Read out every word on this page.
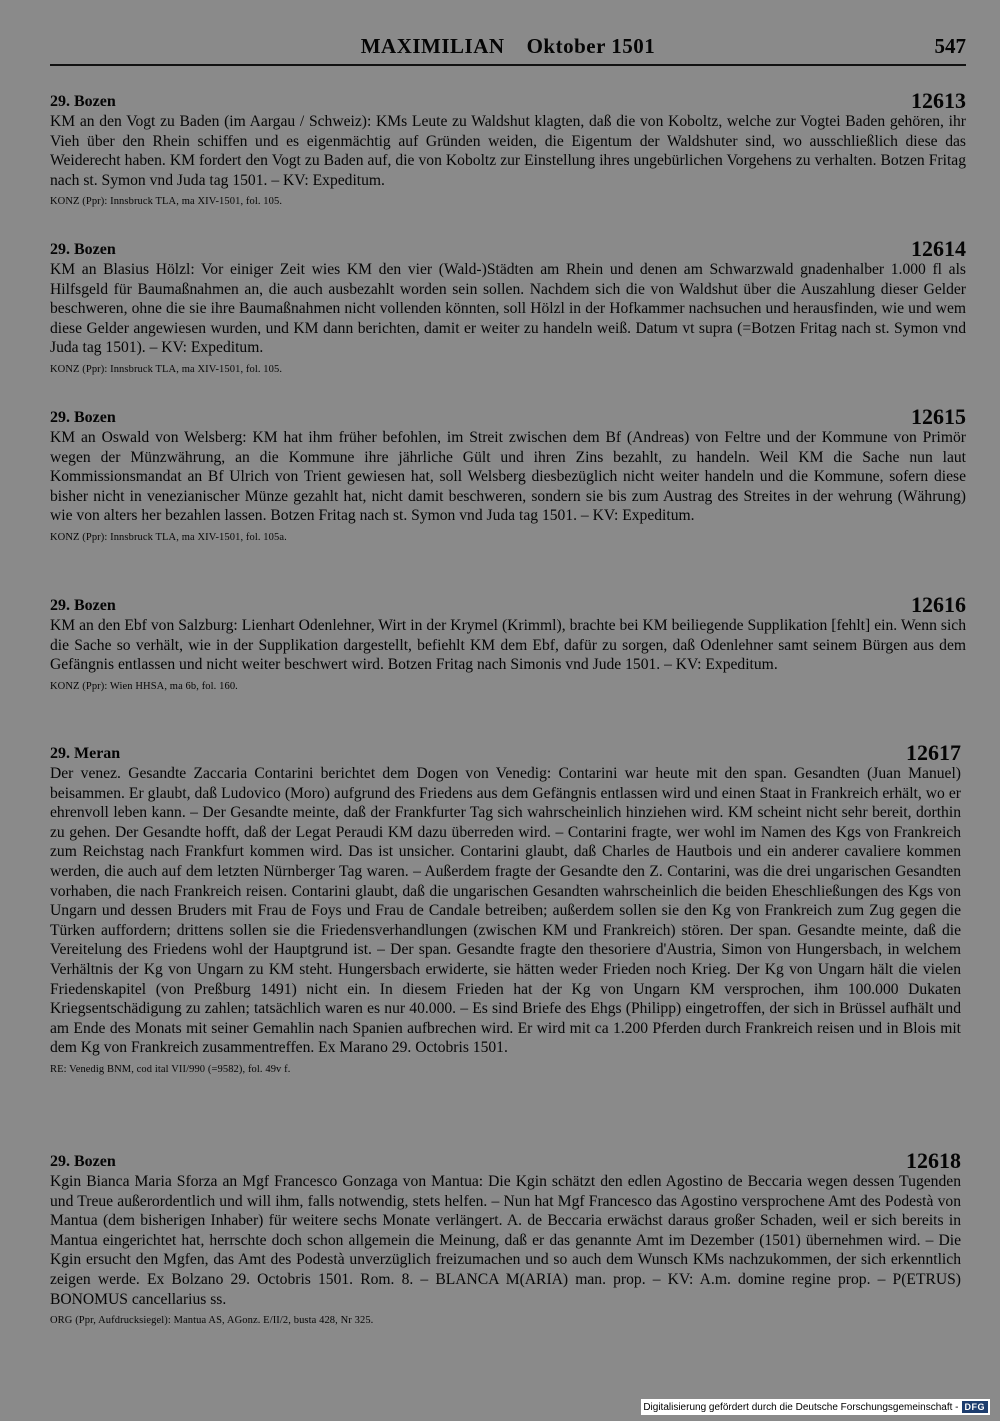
MAXIMILIAN Oktober 1501	547
29. Bozen	12613

KM an den Vogt zu Baden (im Aargau / Schweiz): KMs Leute zu Waldshut klagten, daß die von Koboltz, welche zur Vogtei Baden gehören, ihr Vieh über den Rhein schiffen und es eigenmächtig auf Gründen weiden, die Eigentum der Waldshuter sind, wo ausschließlich diese das Weiderecht haben. KM fordert den Vogt zu Baden auf, die von Koboltz zur Einstellung ihres ungebürlichen Vorgehens zu verhalten. Botzen Fritag nach st. Symon vnd Juda tag 1501. – KV: Expeditum.

KONZ (Ppr): Innsbruck TLA, ma XIV-1501, fol. 105.
29. Bozen	12614

KM an Blasius Hölzl: Vor einiger Zeit wies KM den vier (Wald-)Städten am Rhein und denen am Schwarzwald gnadenhalber 1.000 fl als Hilfsgeld für Baumaßnahmen an, die auch ausbezahlt worden sein sollen. Nachdem sich die von Waldshut über die Auszahlung dieser Gelder beschweren, ohne die sie ihre Baumaßnahmen nicht vollenden könnten, soll Hölzl in der Hofkammer nachsuchen und herausfinden, wie und wem diese Gelder angewiesen wurden, und KM dann berichten, damit er weiter zu handeln weiß. Datum vt supra (=Botzen Fritag nach st. Symon vnd Juda tag 1501). – KV: Expeditum.

KONZ (Ppr): Innsbruck TLA, ma XIV-1501, fol. 105.
29. Bozen	12615

KM an Oswald von Welsberg: KM hat ihm früher befohlen, im Streit zwischen dem Bf (Andreas) von Feltre und der Kommune von Primör wegen der Münzwährung, an die Kommune ihre jährliche Gült und ihren Zins bezahlt, zu handeln. Weil KM die Sache nun laut Kommissionsmandat an Bf Ulrich von Trient gewiesen hat, soll Welsberg diesbezüglich nicht weiter handeln und die Kommune, sofern diese bisher nicht in venezianischer Münze gezahlt hat, nicht damit beschweren, sondern sie bis zum Austrag des Streites in der wehrung (Währung) wie von alters her bezahlen lassen. Botzen Fritag nach st. Symon vnd Juda tag 1501. – KV: Expeditum.

KONZ (Ppr): Innsbruck TLA, ma XIV-1501, fol. 105a.
29. Bozen	12616

KM an den Ebf von Salzburg: Lienhart Odenlehner, Wirt in der Krymel (Krimml), brachte bei KM beiliegende Supplikation [fehlt] ein. Wenn sich die Sache so verhält, wie in der Supplikation dargestellt, befiehlt KM dem Ebf, dafür zu sorgen, daß Odenlehner samt seinem Bürgen aus dem Gefängnis entlassen und nicht weiter beschwert wird. Botzen Fritag nach Simonis vnd Jude 1501. – KV: Expeditum.

KONZ (Ppr): Wien HHSA, ma 6b, fol. 160.
29. Meran	12617

Der venez. Gesandte Zaccaria Contarini berichtet dem Dogen von Venedig: Contarini war heute mit den span. Gesandten (Juan Manuel) beisammen. Er glaubt, daß Ludovico (Moro) aufgrund des Friedens aus dem Gefängnis entlassen wird und einen Staat in Frankreich erhält, wo er ehrenvoll leben kann. – Der Gesandte meinte, daß der Frankfurter Tag sich wahrscheinlich hinziehen wird. KM scheint nicht sehr bereit, dorthin zu gehen. Der Gesandte hofft, daß der Legat Peraudi KM dazu überreden wird. – Contarini fragte, wer wohl im Namen des Kgs von Frankreich zum Reichstag nach Frankfurt kommen wird. Das ist unsicher. Contarini glaubt, daß Charles de Hautbois und ein anderer cavaliere kommen werden, die auch auf dem letzten Nürnberger Tag waren. – Außerdem fragte der Gesandte den Z. Contarini, was die drei ungarischen Gesandten vorhaben, die nach Frankreich reisen. Contarini glaubt, daß die ungarischen Gesandten wahrscheinlich die beiden Eheschließungen des Kgs von Ungarn und dessen Bruders mit Frau de Foys und Frau de Candale betreiben; außerdem sollen sie den Kg von Frankreich zum Zug gegen die Türken auffordern; drittens sollen sie die Friedensverhandlungen (zwischen KM und Frankreich) stören. Der span. Gesandte meinte, daß die Vereitelung des Friedens wohl der Hauptgrund ist. – Der span. Gesandte fragte den thesoriere d'Austria, Simon von Hungersbach, in welchem Verhältnis der Kg von Ungarn zu KM steht. Hungersbach erwiderte, sie hätten weder Frieden noch Krieg. Der Kg von Ungarn hält die vielen Friedenskapitel (von Preßburg 1491) nicht ein. In diesem Frieden hat der Kg von Ungarn KM versprochen, ihm 100.000 Dukaten Kriegsentschädigung zu zahlen; tatsächlich waren es nur 40.000. – Es sind Briefe des Ehgs (Philipp) eingetroffen, der sich in Brüssel aufhält und am Ende des Monats mit seiner Gemahlin nach Spanien aufbrechen wird. Er wird mit ca 1.200 Pferden durch Frankreich reisen und in Blois mit dem Kg von Frankreich zusammentreffen. Ex Marano 29. Octobris 1501.

RE: Venedig BNM, cod ital VII/990 (=9582), fol. 49v f.
29. Bozen	12618

Kgin Bianca Maria Sforza an Mgf Francesco Gonzaga von Mantua: Die Kgin schätzt den edlen Agostino de Beccaria wegen dessen Tugenden und Treue außerordentlich und will ihm, falls notwendig, stets helfen. – Nun hat Mgf Francesco das Agostino versprochene Amt des Podestà von Mantua (dem bisherigen Inhaber) für weitere sechs Monate verlängert. A. de Beccaria erwächst daraus großer Schaden, weil er sich bereits in Mantua eingerichtet hat, herrschte doch schon allgemein die Meinung, daß er das genannte Amt im Dezember (1501) übernehmen wird. – Die Kgin ersucht den Mgfen, das Amt des Podestà unverzüglich freizumachen und so auch dem Wunsch KMs nachzukommen, der sich erkenntlich zeigen werde. Ex Bolzano 29. Octobris 1501. Rom. 8. – BLANCA M(ARIA) man. prop. – KV: A.m. domine regine prop. – P(ETRUS) BONOMUS cancellarius ss.

ORG (Ppr, Aufdrucksiegel): Mantua AS, AGonz. E/II/2, busta 428, Nr 325.
Digitalisierung gefördert durch die Deutsche Forschungsgemeinschaft - DFG
